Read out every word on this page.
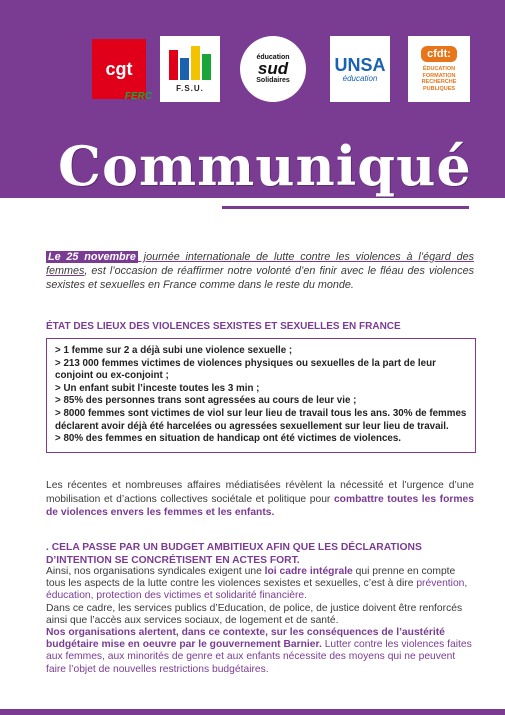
cgt
FERC
F.S.U.
éducation
sud
Solidaires
UNSA
éducation
cfdt:
ÉDUCATION FORMATION RECHERCHE PUBLIQUES
Communiqué
Le 25 novembre journée internationale de lutte contre les violences à l’égard des femmes, est l’occasion de réaffirmer notre volonté d’en finir avec le fléau des violences sexistes et sexuelles en France comme dans le reste du monde.
ÉTAT DES LIEUX DES VIOLENCES SEXISTES ET SEXUELLES EN FRANCE
> 1 femme sur 2 a déjà subi une violence sexuelle ;
> 213 000 femmes victimes de violences physiques ou sexuelles de la part de leur conjoint ou ex-conjoint ;
> Un enfant subit l’inceste toutes les 3 min ;
> 85% des personnes trans sont agressées au cours de leur vie ;
> 8000 femmes sont victimes de viol sur leur lieu de travail tous les ans. 30% de femmes déclarent avoir déjà été harcelées ou agressées sexuellement sur leur lieu de travail.
> 80% des femmes en situation de handicap ont été victimes de violences.
Les récentes et nombreuses affaires médiatisées révèlent la nécessité et l’urgence d’une mobilisation et d’actions collectives sociétale et politique pour combattre toutes les formes de violences envers les femmes et les enfants.
. CELA PASSE PAR UN BUDGET AMBITIEUX AFIN QUE LES DÉCLARATIONS D’INTENTION SE CONCRÉTISENT EN ACTES FORT.

Ainsi, nos organisations syndicales exigent une loi cadre intégrale qui prenne en compte tous les aspects de la lutte contre les violences sexistes et sexuelles, c’est à dire prévention, éducation, protection des victimes et solidarité financière.

Dans ce cadre, les services publics d’Education, de police, de justice doivent être renforcés ainsi que l’accès aux services sociaux, de logement et de santé.

Nos organisations alertent, dans ce contexte, sur les conséquences de l’austérité budgétaire mise en oeuvre par le gouvernement Barnier. Lutter contre les violences faites aux femmes, aux minorités de genre et aux enfants nécessite des moyens qui ne peuvent faire l’objet de nouvelles restrictions budgétaires.
